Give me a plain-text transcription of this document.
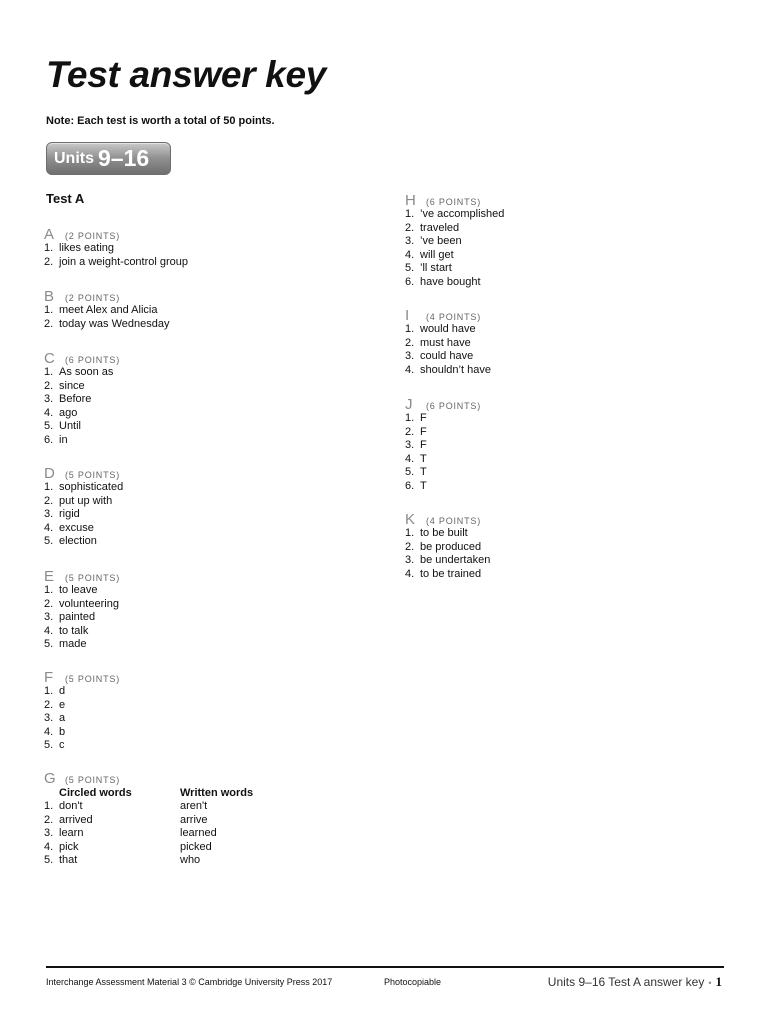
Test answer key
Note: Each test is worth a total of 50 points.
Units 9–16
Test A
A	(2 POINTS)
1. likes eating
2. join a weight-control group
B	(2 POINTS)
1. meet Alex and Alicia
2. today was Wednesday
C	(6 POINTS)
1. As soon as
2. since
3. Before
4. ago
5. Until
6. in
D	(5 POINTS)
1. sophisticated
2. put up with
3. rigid
4. excuse
5. election
E	(5 POINTS)
1. to leave
2. volunteering
3. painted
4. to talk
5. made
F	(5 POINTS)
1. d
2. e
3. a
4. b
5. c
G	(5 POINTS)
Circled words	Written words
1. don't	aren't
2. arrived	arrive
3. learn	learned
4. pick	picked
5. that	who
H	(6 POINTS)
1. ’ve accomplished
2. traveled
3. ’ve been
4. will get
5. ’ll start
6. have bought
I	(4 POINTS)
1. would have
2. must have
3. could have
4. shouldn’t have
J	(6 POINTS)
1. F
2. F
3. F
4. T
5. T
6. T
K	(4 POINTS)
1. to be built
2. be produced
3. be undertaken
4. to be trained
Interchange Assessment Material 3 © Cambridge University Press 2017	Photocopiable	Units 9–16 Test A answer key • 1
